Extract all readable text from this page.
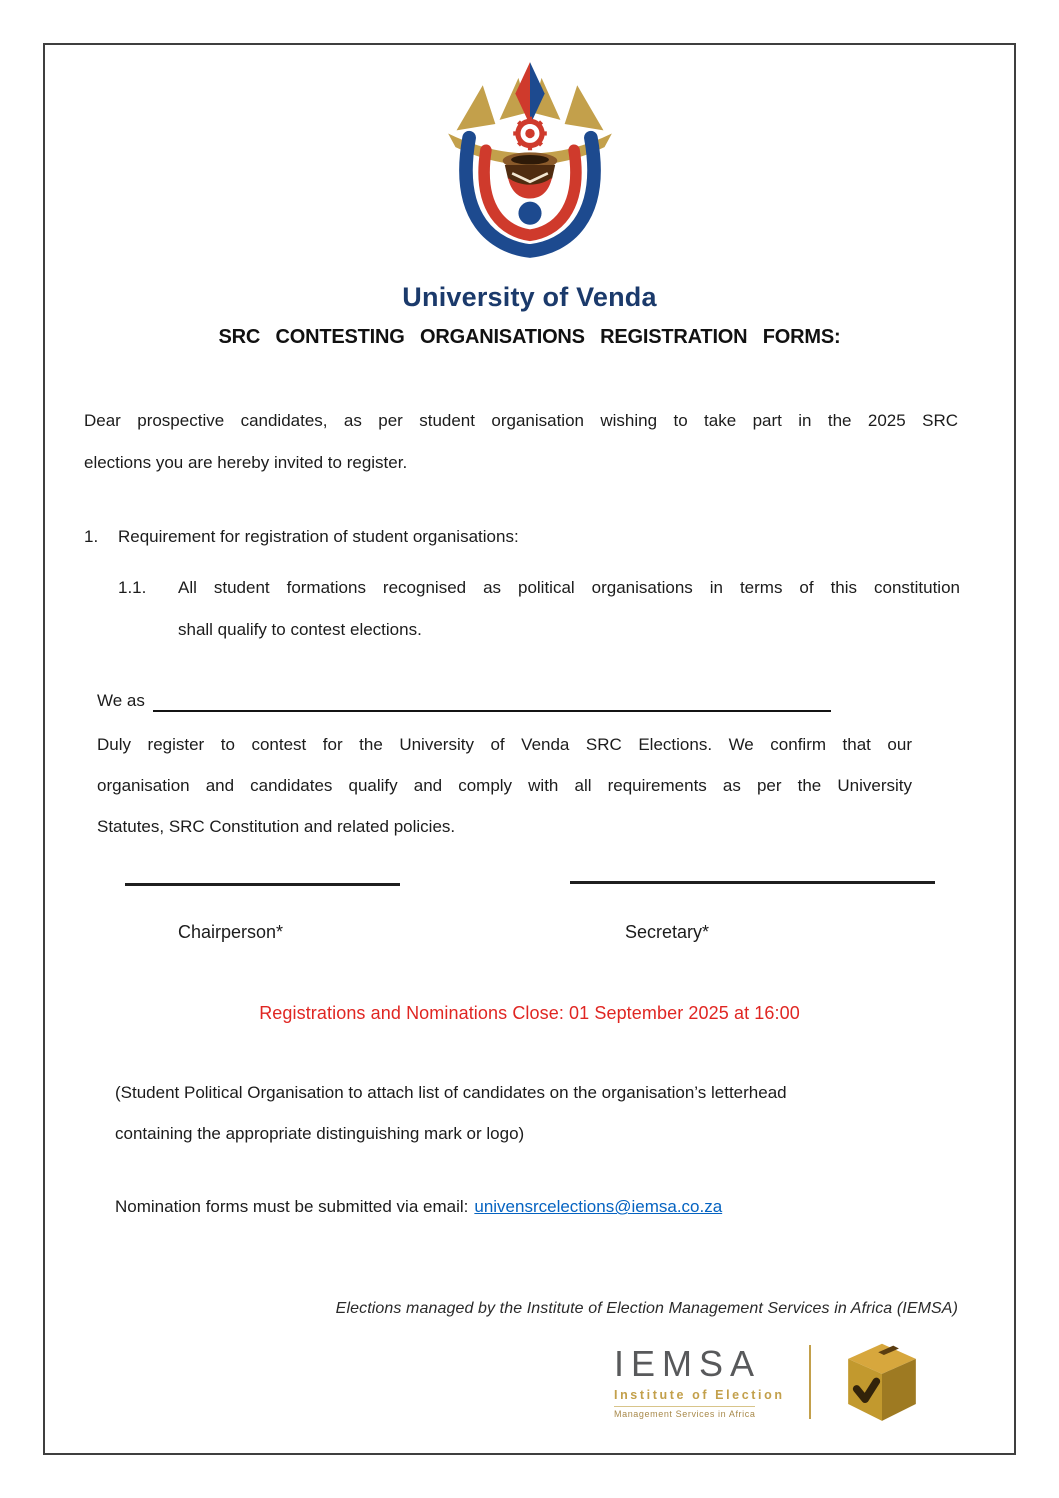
University of Venda
SRC CONTESTING ORGANISATIONS REGISTRATION FORMS:
Dear prospective candidates, as per student organisation wishing to take part in the 2025 SRC
elections you are hereby invited to register.
1. Requirement for registration of student organisations:
1.1.	All student formations recognised as political organisations in terms of this constitution
shall qualify to contest elections.
We as
Duly register to contest for the University of Venda SRC Elections. We confirm that our
organisation and candidates qualify and comply with all requirements as per the University
Statutes, SRC Constitution and related policies.
Chairperson*	Secretary*
Registrations and Nominations Close: 01 September 2025 at 16:00
(Student Political Organisation to attach list of candidates on the organisation’s letterhead
containing the appropriate distinguishing mark or logo)
Nomination forms must be submitted via email: univensrcelections@iemsa.co.za
Elections managed by the Institute of Election Management Services in Africa (IEMSA)
IEMSA
Institute of Election
Management Services in Africa
